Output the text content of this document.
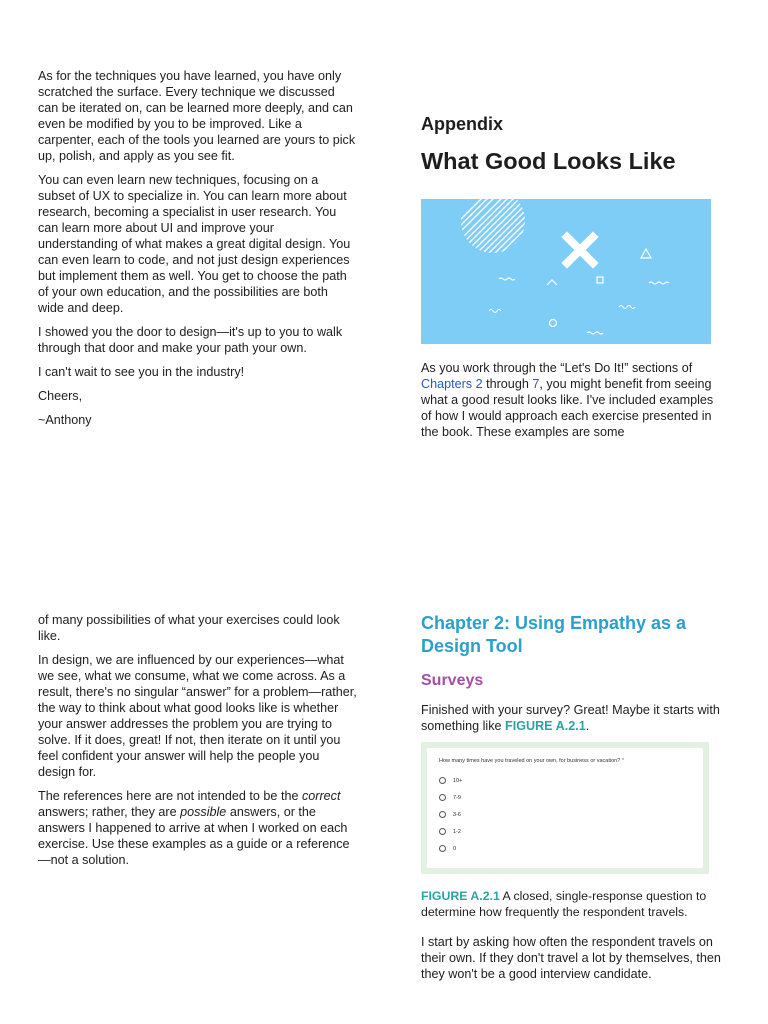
As for the techniques you have learned, you have only scratched the surface. Every technique we discussed can be iterated on, can be learned more deeply, and can even be modified by you to be improved. Like a carpenter, each of the tools you learned are yours to pick up, polish, and apply as you see fit.

You can even learn new techniques, focusing on a subset of UX to specialize in. You can learn more about research, becoming a specialist in user research. You can learn more about UI and improve your understanding of what makes a great digital design. You can even learn to code, and not just design experiences but implement them as well. You get to choose the path of your own education, and the possibilities are both wide and deep.

I showed you the door to design—it's up to you to walk through that door and make your path your own.

I can't wait to see you in the industry!

Cheers,

~Anthony

Appendix
What Good Looks Like

As you work through the “Let's Do It!” sections of Chapters 2 through 7, you might benefit from seeing what a good result looks like. I've included examples of how I would approach each exercise presented in the book. These examples are some

of many possibilities of what your exercises could look like.

In design, we are influenced by our experiences—what we see, what we consume, what we come across. As a result, there's no singular “answer” for a problem—rather, the way to think about what good looks like is whether your answer addresses the problem you are trying to solve. If it does, great! If not, then iterate on it until you feel confident your answer will help the people you design for.

The references here are not intended to be the correct answers; rather, they are possible answers, or the answers I happened to arrive at when I worked on each exercise. Use these examples as a guide or a reference—not a solution.

Chapter 2: Using Empathy as a Design Tool
Surveys

Finished with your survey? Great! Maybe it starts with something like FIGURE A.2.1.

How many times have you traveled on your own, for business or vacation? *
10+
7-9
3-6
1-2
0

FIGURE A.2.1 A closed, single-response question to determine how frequently the respondent travels.

I start by asking how often the respondent travels on their own. If they don't travel a lot by themselves, then they won't be a good interview candidate.
